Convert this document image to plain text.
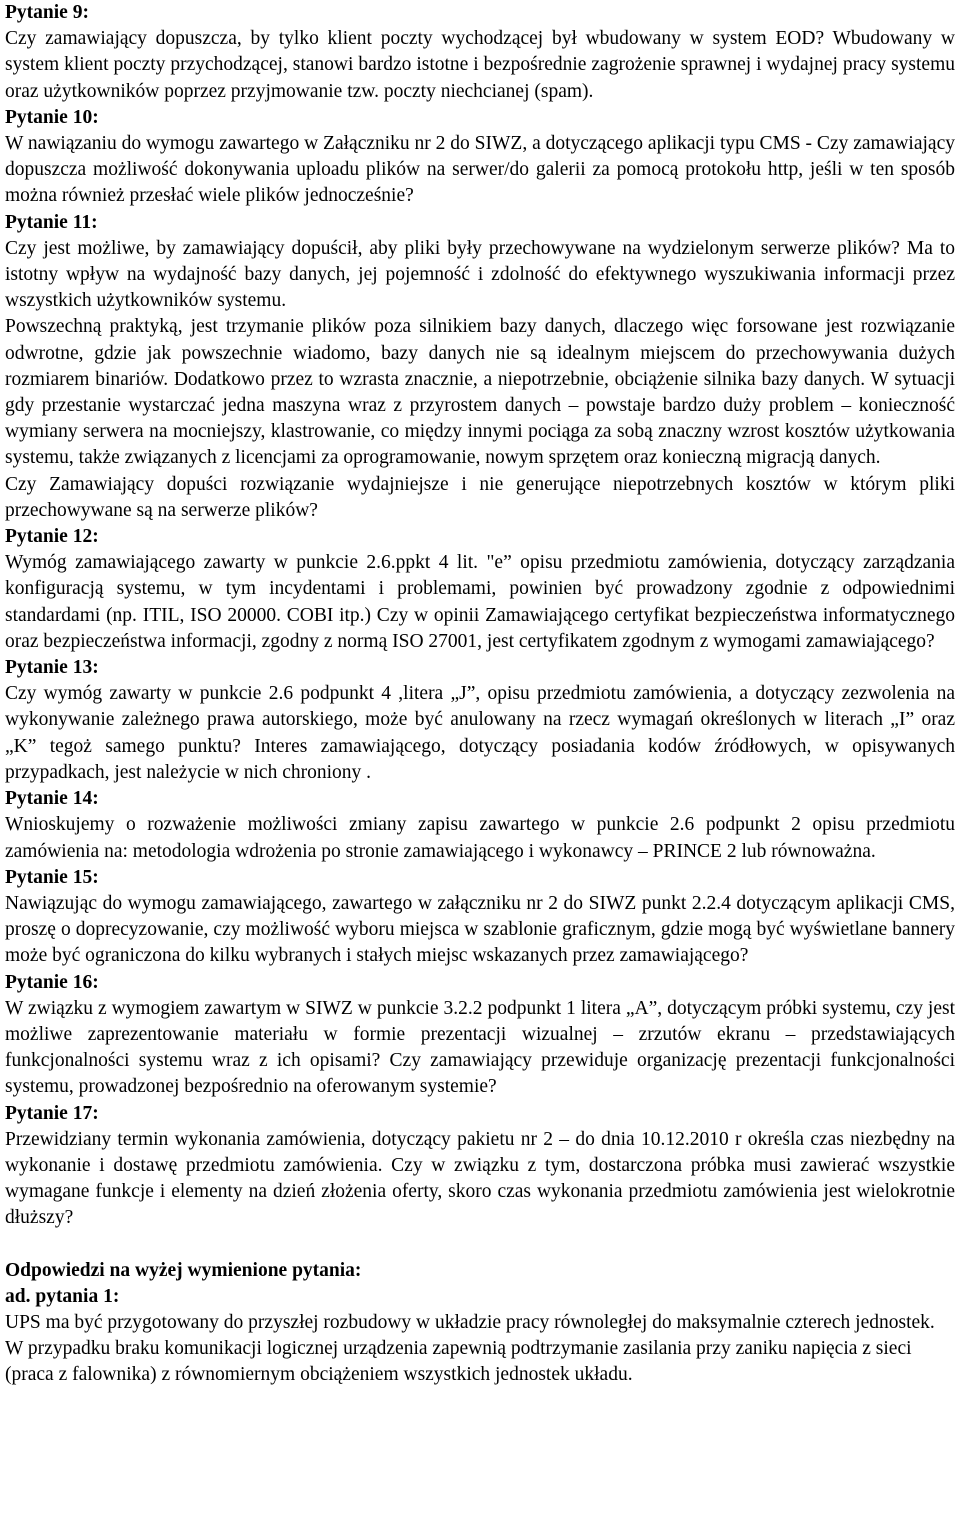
Pytanie 9:

Czy zamawiający dopuszcza, by tylko klient poczty wychodzącej był wbudowany w system EOD? Wbudowany w system klient poczty przychodzącej, stanowi bardzo istotne i bezpośrednie zagrożenie sprawnej i wydajnej pracy systemu oraz użytkowników poprzez przyjmowanie tzw. poczty niechcianej (spam).

Pytanie 10:

W nawiązaniu do wymogu zawartego w Załączniku nr 2 do SIWZ, a dotyczącego aplikacji typu CMS - Czy zamawiający dopuszcza możliwość dokonywania uploadu plików na serwer/do galerii za pomocą protokołu http, jeśli w ten sposób można również przesłać wiele plików jednocześnie?

Pytanie 11:

Czy jest możliwe, by zamawiający dopuścił, aby pliki były przechowywane na wydzielonym serwerze plików? Ma to istotny wpływ na wydajność bazy danych, jej pojemność i zdolność do efektywnego wyszukiwania informacji przez wszystkich użytkowników systemu.

Powszechną praktyką, jest trzymanie plików poza silnikiem bazy danych, dlaczego więc forsowane jest rozwiązanie odwrotne, gdzie jak powszechnie wiadomo, bazy danych nie są idealnym miejscem do przechowywania dużych rozmiarem binariów. Dodatkowo przez to wzrasta znacznie, a niepotrzebnie, obciążenie silnika bazy danych. W sytuacji gdy przestanie wystarczać jedna maszyna wraz z przyrostem danych – powstaje bardzo duży problem – konieczność wymiany serwera na mocniejszy, klastrowanie, co między innymi pociąga za sobą znaczny wzrost kosztów użytkowania systemu, także związanych z licencjami za oprogramowanie, nowym sprzętem oraz konieczną migracją danych.

Czy Zamawiający dopuści rozwiązanie wydajniejsze i nie generujące niepotrzebnych kosztów w którym pliki przechowywane są na serwerze plików?

Pytanie 12:

Wymóg zamawiającego zawarty w punkcie 2.6.ppkt 4 lit. "e” opisu przedmiotu zamówienia, dotyczący zarządzania konfiguracją systemu, w tym incydentami i problemami, powinien być prowadzony zgodnie z odpowiednimi standardami (np. ITIL, ISO 20000. COBI itp.) Czy w opinii Zamawiającego certyfikat bezpieczeństwa informatycznego oraz bezpieczeństwa informacji, zgodny z normą ISO 27001, jest certyfikatem zgodnym z wymogami zamawiającego?

Pytanie 13:

Czy wymóg zawarty w punkcie 2.6 podpunkt 4 ,litera „J”, opisu przedmiotu zamówienia, a dotyczący zezwolenia na wykonywanie zależnego prawa autorskiego, może być anulowany na rzecz wymagań określonych w literach „I” oraz „K” tegoż samego punktu? Interes zamawiającego, dotyczący posiadania kodów źródłowych, w opisywanych przypadkach, jest należycie w nich chroniony .

Pytanie 14:

Wnioskujemy o rozważenie możliwości zmiany zapisu zawartego w punkcie 2.6 podpunkt 2 opisu przedmiotu zamówienia na: metodologia wdrożenia po stronie zamawiającego i wykonawcy – PRINCE 2 lub równoważna.

Pytanie 15:

Nawiązując do wymogu zamawiającego, zawartego w załączniku nr 2 do SIWZ punkt 2.2.4 dotyczącym aplikacji CMS, proszę o doprecyzowanie, czy możliwość wyboru miejsca w szablonie graficznym, gdzie mogą być wyświetlane bannery może być ograniczona do kilku wybranych i stałych miejsc wskazanych przez zamawiającego?

Pytanie 16:

W związku z wymogiem zawartym w SIWZ w punkcie 3.2.2 podpunkt 1 litera „A”, dotyczącym próbki systemu, czy jest możliwe zaprezentowanie materiału w formie prezentacji wizualnej – zrzutów ekranu – przedstawiających funkcjonalności systemu wraz z ich opisami? Czy zamawiający przewiduje organizację prezentacji funkcjonalności systemu, prowadzonej bezpośrednio na oferowanym systemie?

Pytanie 17:

Przewidziany termin wykonania zamówienia, dotyczący pakietu nr 2 – do dnia 10.12.2010 r określa czas niezbędny na wykonanie i dostawę przedmiotu zamówienia. Czy w związku z tym, dostarczona próbka musi zawierać wszystkie wymagane funkcje i elementy na dzień złożenia oferty, skoro czas wykonania przedmiotu zamówienia jest wielokrotnie dłuższy?

Odpowiedzi na wyżej wymienione pytania:

ad. pytania 1:

UPS ma być przygotowany do przyszłej rozbudowy w układzie pracy równoległej do maksymalnie czterech jednostek. W przypadku braku komunikacji logicznej urządzenia zapewnią podtrzymanie zasilania przy zaniku napięcia z sieci (praca z falownika) z równomiernym obciążeniem wszystkich jednostek układu.
